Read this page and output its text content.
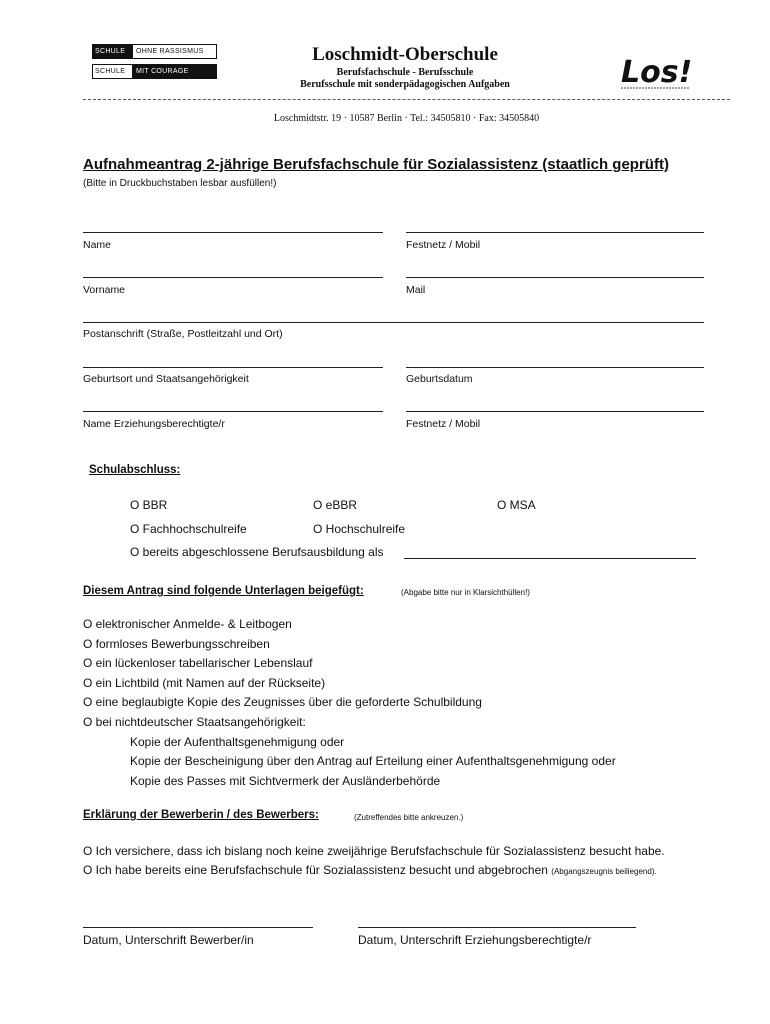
SCHULE	OHNE RASSISMUS
SCHULE	MIT COURAGE
Loschmidt-Oberschule
Berufsfachschule - Berufsschule
Berufsschule mit sonderpädagogischen Aufgaben	Los!
Loschmidtstr. 19 · 10587 Berlin · Tel.: 34505810 · Fax: 34505840
Aufnahmeantrag 2-jährige Berufsfachschule für Sozialassistenz (staatlich geprüft)
(Bitte in Druckbuchstaben lesbar ausfüllen!)
Name	Festnetz / Mobil
Vorname	Mail
Postanschrift (Straße, Postleitzahl und Ort)
Geburtsort und Staatsangehörigkeit	Geburtsdatum
Name Erziehungsberechtigte/r	Festnetz / Mobil
Schulabschluss:
O BBR	O eBBR	O MSA
O Fachhochschulreife	O Hochschulreife
O bereits abgeschlossene Berufsausbildung als
Diesem Antrag sind folgende Unterlagen beigefügt:	(Abgabe bitte nur in Klarsichthüllen!)
O elektronischer Anmelde- & Leitbogen
O formloses Bewerbungsschreiben
O ein lückenloser tabellarischer Lebenslauf
O ein Lichtbild (mit Namen auf der Rückseite)
O eine beglaubigte Kopie des Zeugnisses über die geforderte Schulbildung
O bei nichtdeutscher Staatsangehörigkeit:
Kopie der Aufenthaltsgenehmigung oder
Kopie der Bescheinigung über den Antrag auf Erteilung einer Aufenthaltsgenehmigung oder
Kopie des Passes mit Sichtvermerk der Ausländerbehörde
Erklärung der Bewerberin / des Bewerbers:	(Zutreffendes bitte ankreuzen.)
O Ich versichere, dass ich bislang noch keine zweijährige Berufsfachschule für Sozialassistenz besucht habe.
O Ich habe bereits eine Berufsfachschule für Sozialassistenz besucht und abgebrochen (Abgangszeugnis beiliegend).
Datum, Unterschrift Bewerber/in	Datum, Unterschrift Erziehungsberechtigte/r
